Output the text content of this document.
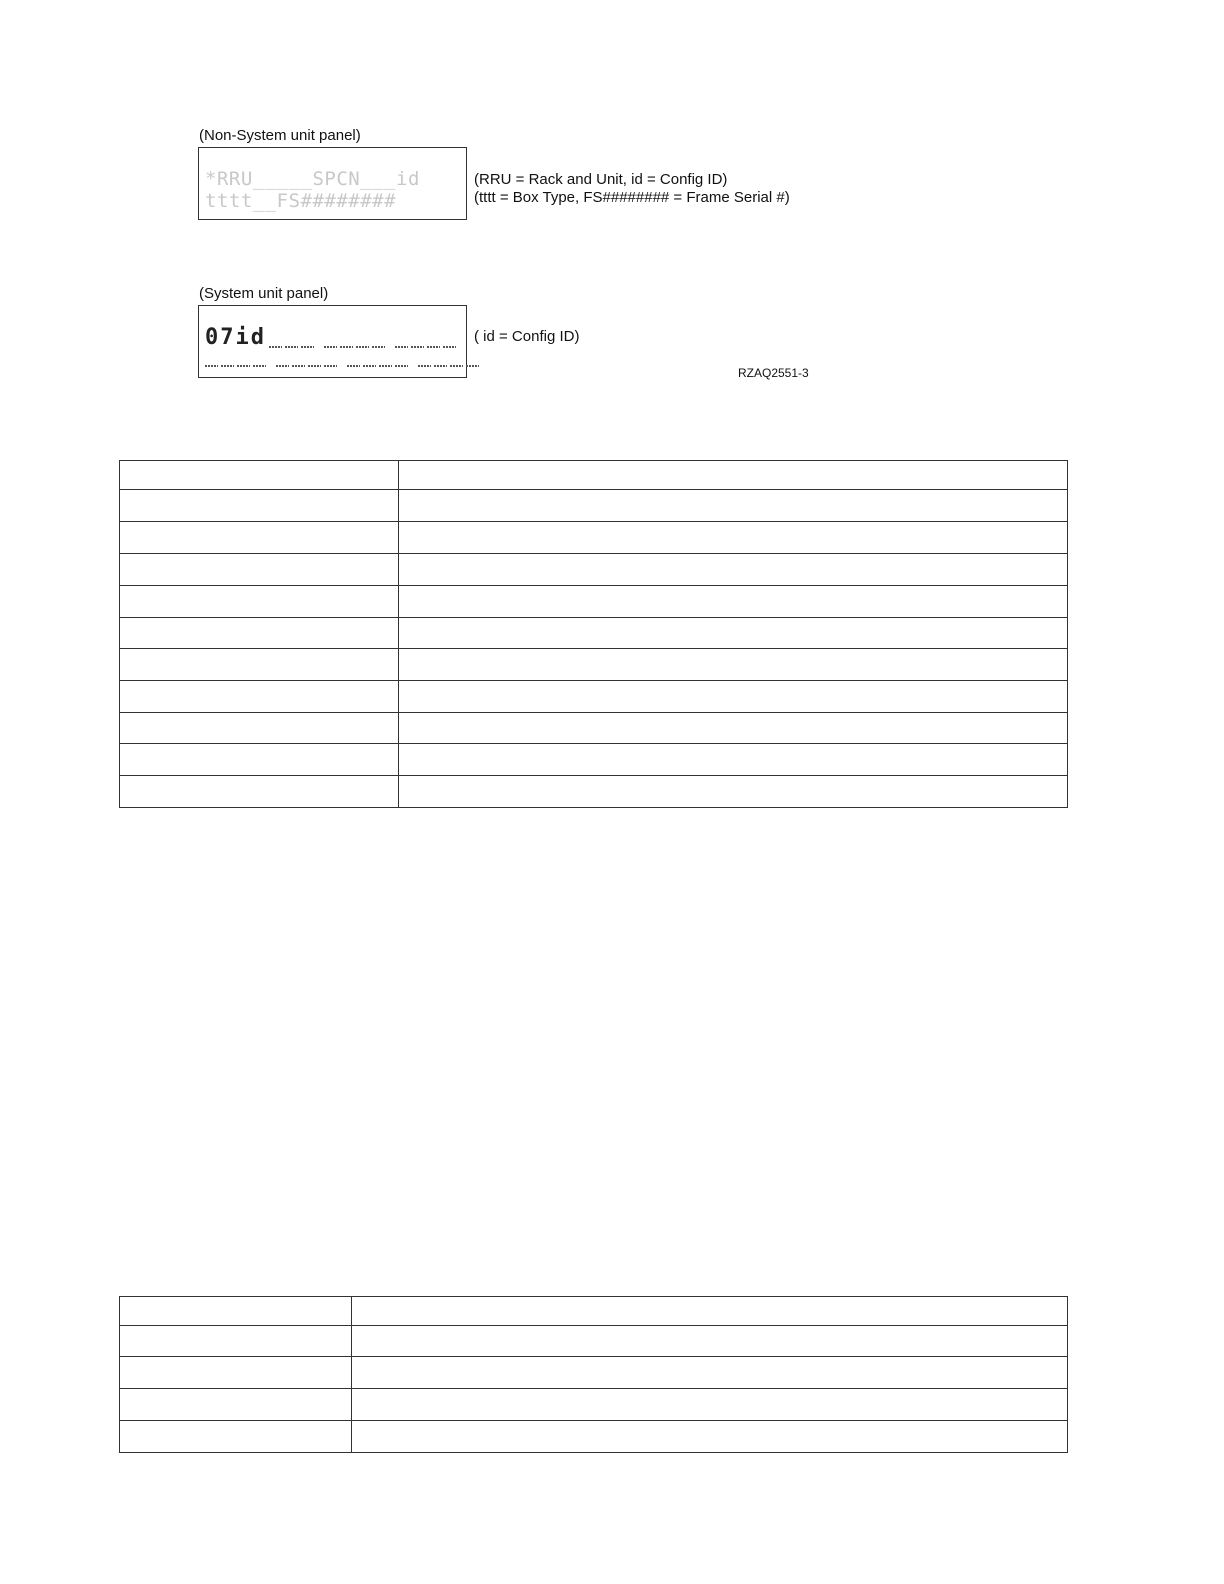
(Non-System unit panel)
*RRU_____SPCN___id
tttt__FS########
(RRU = Rack and Unit, id = Config ID)
(tttt = Box Type, FS######## = Frame Serial #)
(System unit panel)
07id	( id = Config ID)
RZAQ2551-3
